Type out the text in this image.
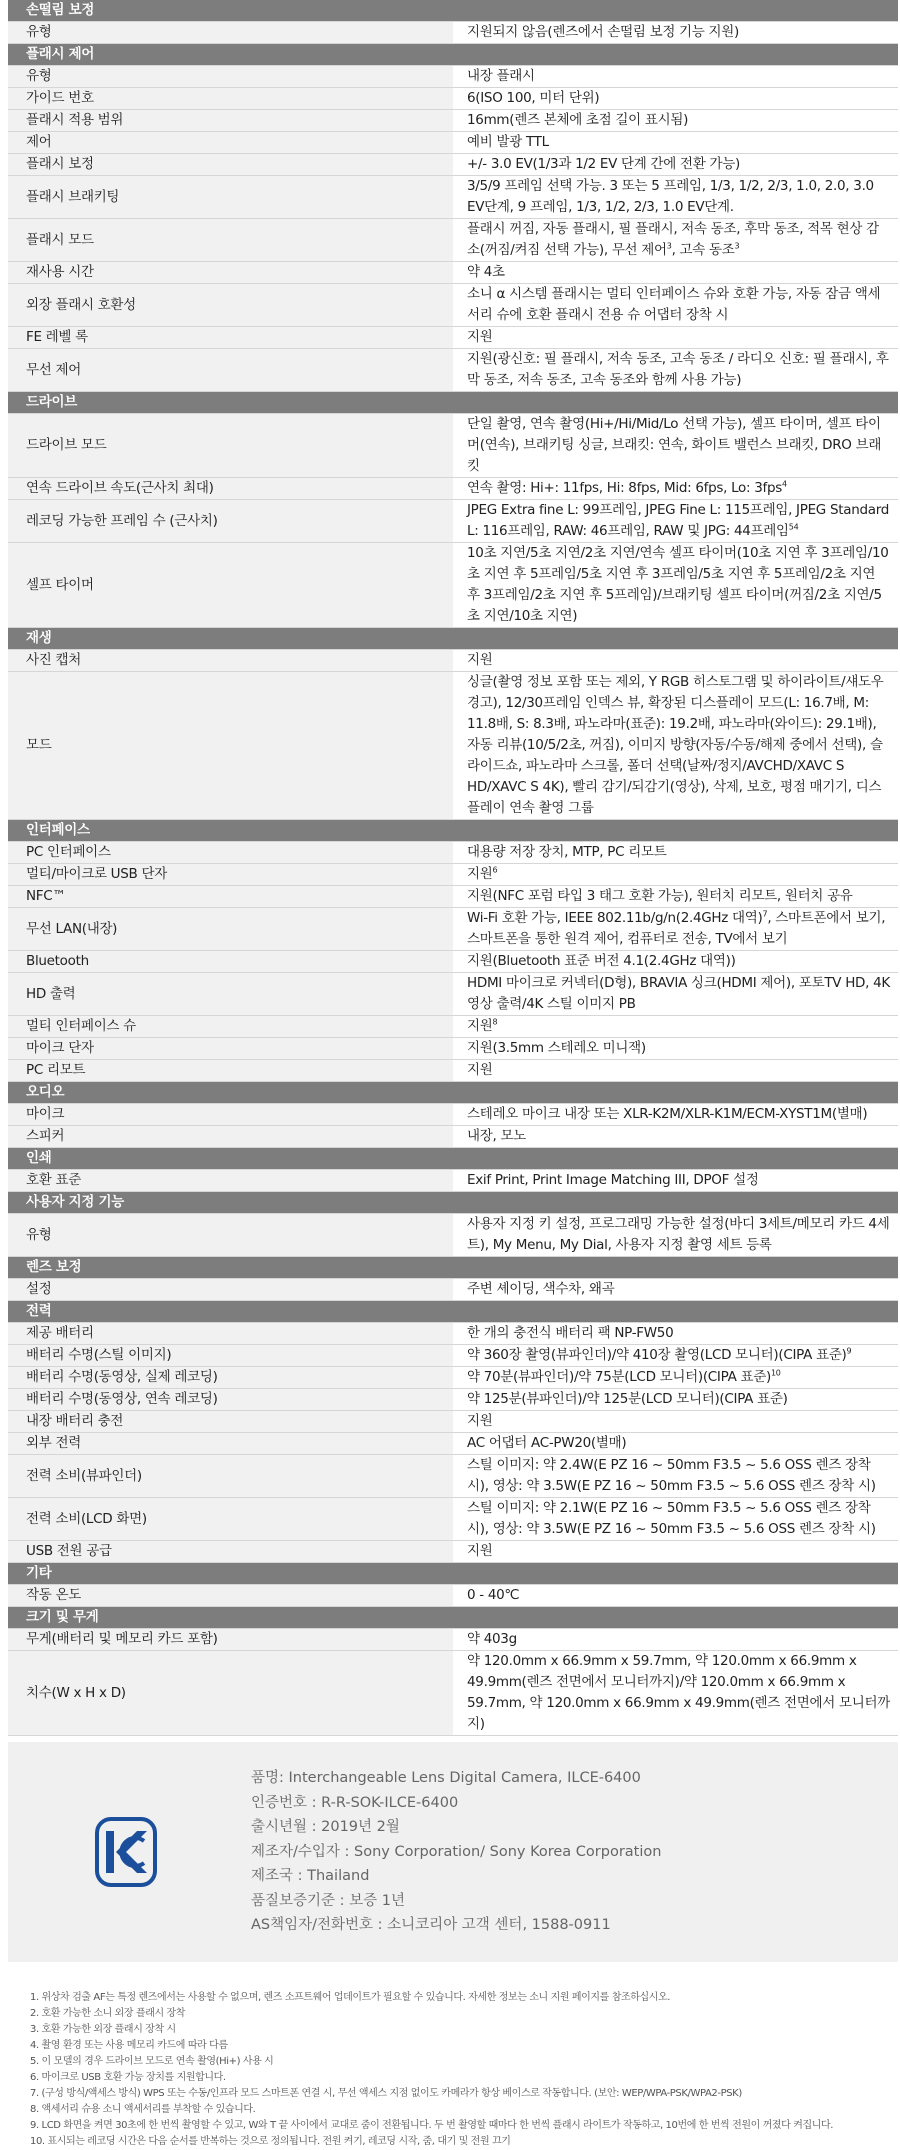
손떨림 보정	
유형	지원되지 않음(렌즈에서 손떨림 보정 기능 지원)
플래시 제어	
유형	내장 플래시
가이드 번호	6(ISO 100, 미터 단위)
플래시 적용 범위	16mm(렌즈 본체에 초점 길이 표시됨)
제어	예비 발광 TTL
플래시 보정	+/- 3.0 EV(1/3과 1/2 EV 단계 간에 전환 가능)
플래시 브래키팅	3/5/9 프레임 선택 가능. 3 또는 5 프레임, 1/3, 1/2, 2/3, 1.0, 2.0, 3.0 EV단계, 9 프레임, 1/3, 1/2, 2/3, 1.0 EV단계.
플래시 모드	플래시 꺼짐, 자동 플래시, 필 플래시, 저속 동조, 후막 동조, 적목 현상 감소(꺼짐/켜짐 선택 가능), 무선 제어$^3$, 고속 동조$^3$
재사용 시간	약 4초
외장 플래시 호환성	소니 α 시스템 플래시는 멀티 인터페이스 슈와 호환 가능, 자동 잠금 액세서리 슈에 호환 플래시 전용 슈 어댑터 장착 시
FE 레벨 록	지원
무선 제어	지원(광신호: 필 플래시, 저속 동조, 고속 동조 / 라디오 신호: 필 플래시, 후막 동조, 저속 동조, 고속 동조와 함께 사용 가능)
드라이브	
드라이브 모드	단일 촬영, 연속 촬영(Hi+/Hi/Mid/Lo 선택 가능), 셀프 타이머, 셀프 타이머(연속), 브래키팅 싱글, 브래킷: 연속, 화이트 밸런스 브래킷, DRO 브래킷
연속 드라이브 속도(근사치 최대)	연속 촬영: Hi+: 11fps, Hi: 8fps, Mid: 6fps, Lo: 3fps$^4$
레코딩 가능한 프레임 수 (근사치)	JPEG Extra fine L: 99프레임, JPEG Fine L: 115프레임, JPEG Standard L: 116프레임, RAW: 46프레임, RAW 및 JPG: 44프레임$^{54}$
셀프 타이머	10초 지연/5초 지연/2초 지연/연속 셀프 타이머(10초 지연 후 3프레임/10초 지연 후 5프레임/5초 지연 후 3프레임/5초 지연 후 5프레임/2초 지연 후 3프레임/2초 지연 후 5프레임)/브래키팅 셀프 타이머(꺼짐/2초 지연/5초 지연/10초 지연)
재생	
사진 캡처	지원
모드	싱글(촬영 정보 포함 또는 제외, Y RGB 히스토그램 및 하이라이트/섀도우 경고), 12/30프레임 인덱스 뷰, 확장된 디스플레이 모드(L: 16.7배, M: 11.8배, S: 8.3배, 파노라마(표준): 19.2배, 파노라마(와이드): 29.1배), 자동 리뷰(10/5/2초, 꺼짐), 이미지 방향(자동/수동/해제 중에서 선택), 슬라이드쇼, 파노라마 스크롤, 폴더 선택(날짜/정지/AVCHD/XAVC S HD/XAVC S 4K), 빨리 감기/되감기(영상), 삭제, 보호, 평점 매기기, 디스플레이 연속 촬영 그룹
인터페이스	
PC 인터페이스	대용량 저장 장치, MTP, PC 리모트
멀티/마이크로 USB 단자	지원$^6$
NFC™	지원(NFC 포럼 타입 3 태그 호환 가능), 원터치 리모트, 원터치 공유
무선 LAN(내장)	Wi-Fi 호환 가능, IEEE 802.11b/g/n(2.4GHz 대역)$^7$, 스마트폰에서 보기, 스마트폰을 통한 원격 제어, 컴퓨터로 전송, TV에서 보기
Bluetooth	지원(Bluetooth 표준 버전 4.1(2.4GHz 대역))
HD 출력	HDMI 마이크로 커넥터(D형), BRAVIA 싱크(HDMI 제어), 포토TV HD, 4K 영상 출력/4K 스틸 이미지 PB
멀티 인터페이스 슈	지원$^8$
마이크 단자	지원(3.5mm 스테레오 미니잭)
PC 리모트	지원
오디오	
마이크	스테레오 마이크 내장 또는 XLR-K2M/XLR-K1M/ECM-XYST1M(별매)
스피커	내장, 모노
인쇄	
호환 표준	Exif Print, Print Image Matching III, DPOF 설정
사용자 지정 기능	
유형	사용자 지정 키 설정, 프로그래밍 가능한 설정(바디 3세트/메모리 카드 4세트), My Menu, My Dial, 사용자 지정 촬영 세트 등록
렌즈 보정	
설정	주변 셰이딩, 색수차, 왜곡
전력	
제공 배터리	한 개의 충전식 배터리 팩 NP-FW50
배터리 수명(스틸 이미지)	약 360장 촬영(뷰파인더)/약 410장 촬영(LCD 모니터)(CIPA 표준)$^9$
배터리 수명(동영상, 실제 레코딩)	약 70분(뷰파인더)/약 75분(LCD 모니터)(CIPA 표준)$^{10}$
배터리 수명(동영상, 연속 레코딩)	약 125분(뷰파인더)/약 125분(LCD 모니터)(CIPA 표준)
내장 배터리 충전	지원
외부 전력	AC 어댑터 AC-PW20(별매)
전력 소비(뷰파인더)	스틸 이미지: 약 2.4W(E PZ 16 ~ 50mm F3.5 ~ 5.6 OSS 렌즈 장착 시), 영상: 약 3.5W(E PZ 16 ~ 50mm F3.5 ~ 5.6 OSS 렌즈 장착 시)
전력 소비(LCD 화면)	스틸 이미지: 약 2.1W(E PZ 16 ~ 50mm F3.5 ~ 5.6 OSS 렌즈 장착 시), 영상: 약 3.5W(E PZ 16 ~ 50mm F3.5 ~ 5.6 OSS 렌즈 장착 시)
USB 전원 공급	지원
기타	
작동 온도	0 - 40℃
크기 및 무게	
무게(배터리 및 메모리 카드 포함)	약 403g
치수(W x H x D)	약 120.0mm x 66.9mm x 59.7mm, 약 120.0mm x 66.9mm x 49.9mm(렌즈 전면에서 모니터까지)/약 120.0mm x 66.9mm x 59.7mm, 약 120.0mm x 66.9mm x 49.9mm(렌즈 전면에서 모니터까지)
품명: Interchangeable Lens Digital Camera, ILCE-6400
인증번호 : R-R-SOK-ILCE-6400
출시년월 : 2019년 2월
제조자/수입자 : Sony Corporation/ Sony Korea Corporation
제조국 : Thailand
품질보증기준 : 보증 1년
AS책임자/전화번호 : 소니코리아 고객 센터, 1588-0911
1. 위상차 검출 AF는 특정 렌즈에서는 사용할 수 없으며, 렌즈 소프트웨어 업데이트가 필요할 수 있습니다. 자세한 정보는 소니 지원 페이지를 참조하십시오.
2. 호환 가능한 소니 외장 플래시 장착
3. 호환 가능한 외장 플래시 장착 시
4. 촬영 환경 또는 사용 메모리 카드에 따라 다름
5. 이 모델의 경우 드라이브 모드로 연속 촬영(Hi+) 사용 시
6. 마이크로 USB 호환 가능 장치를 지원합니다.
7. (구성 방식/액세스 방식) WPS 또는 수동/인프라 모드 스마트폰 연결 시, 무선 액세스 지점 없이도 카메라가 항상 베이스로 작동합니다. (보안: WEP/WPA-PSK/WPA2-PSK)
8. 액세서리 슈용 소니 액세서리를 부착할 수 있습니다.
9. LCD 화면을 켜면 30초에 한 번씩 촬영할 수 있고, W와 T 끝 사이에서 교대로 줌이 전환됩니다. 두 번 촬영할 때마다 한 번씩 플래시 라이트가 작동하고, 10번에 한 번씩 전원이 꺼졌다 켜집니다.
10. 표시되는 레코딩 시간은 다음 순서를 반복하는 것으로 정의됩니다. 전원 켜기, 레코딩 시작, 줌, 대기 및 전원 끄기
